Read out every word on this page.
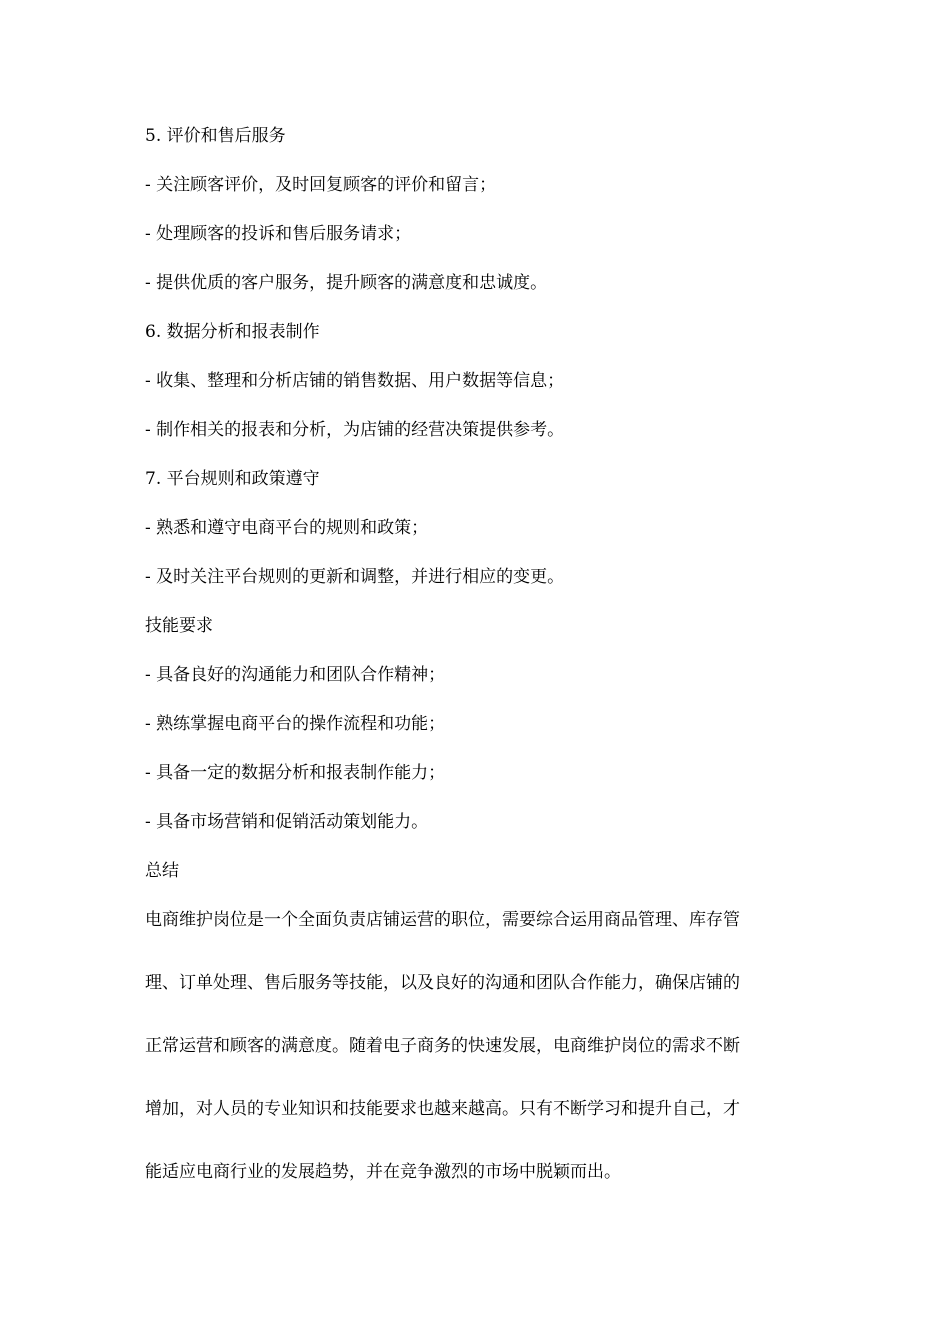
5. 评价和售后服务
- 关注顾客评价，及时回复顾客的评价和留言；
- 处理顾客的投诉和售后服务请求；
- 提供优质的客户服务，提升顾客的满意度和忠诚度。
6. 数据分析和报表制作
- 收集、整理和分析店铺的销售数据、用户数据等信息；
- 制作相关的报表和分析，为店铺的经营决策提供参考。
7. 平台规则和政策遵守
- 熟悉和遵守电商平台的规则和政策；
- 及时关注平台规则的更新和调整，并进行相应的变更。
技能要求
- 具备良好的沟通能力和团队合作精神；
- 熟练掌握电商平台的操作流程和功能；
- 具备一定的数据分析和报表制作能力；
- 具备市场营销和促销活动策划能力。
总结
电商维护岗位是一个全面负责店铺运营的职位，需要综合运用商品管理、库存管
理、订单处理、售后服务等技能，以及良好的沟通和团队合作能力，确保店铺的
正常运营和顾客的满意度。随着电子商务的快速发展，电商维护岗位的需求不断
增加，对人员的专业知识和技能要求也越来越高。只有不断学习和提升自己，才
能适应电商行业的发展趋势，并在竞争激烈的市场中脱颖而出。
